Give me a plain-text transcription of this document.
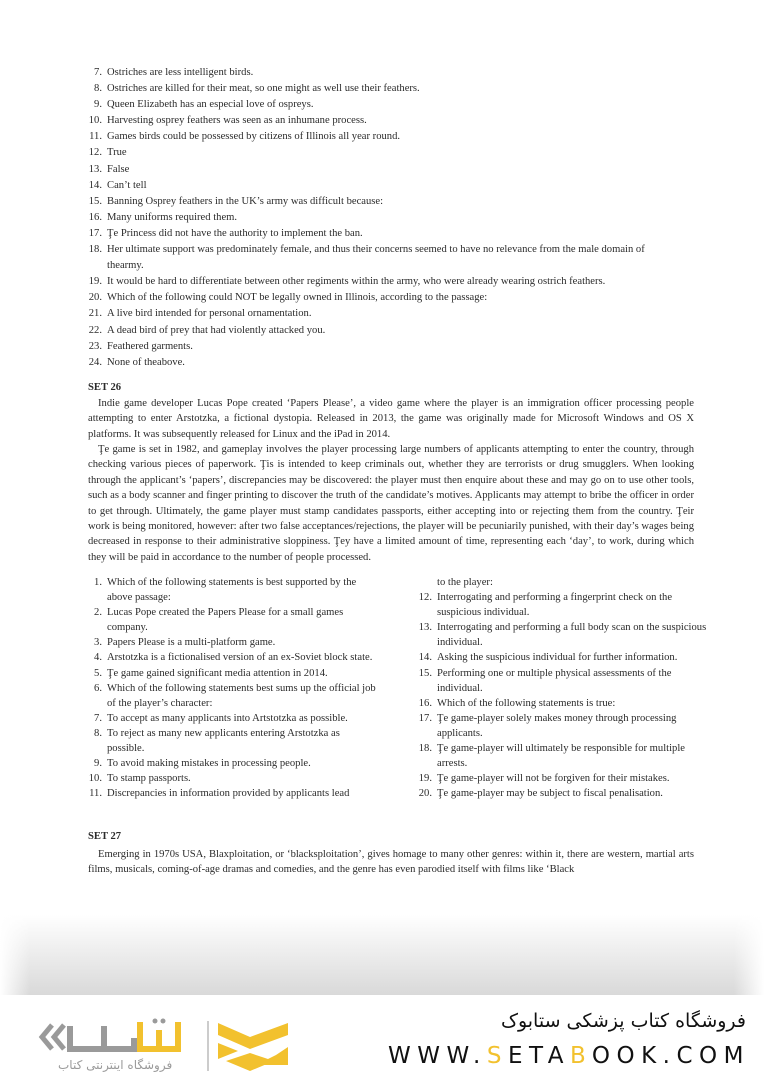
7. Ostriches are less intelligent birds.
8. Ostriches are killed for their meat, so one might as well use their feathers.
9. Queen Elizabeth has an especial love of ospreys.
10. Harvesting osprey feathers was seen as an inhumane process.
11. Games birds could be possessed by citizens of Illinois all year round.
12. True
13. False
14. Can’t tell
15. Banning Osprey feathers in the UK’s army was difficult because:
16. Many uniforms required them.
17. Ţe Princess did not have the authority to implement the ban.
18. Her ultimate support was predominately female, and thus their concerns seemed to have no relevance from the male domain of thearmy.
19. It would be hard to differentiate between other regiments within the army, who were already wearing ostrich feathers.
20. Which of the following could NOT be legally owned in Illinois, according to the passage:
21. A live bird intended for personal ornamentation.
22. A dead bird of prey that had violently attacked you.
23. Feathered garments.
24. None of theabove.
SET 26

Indie game developer Lucas Pope created ‘Papers Please’, a video game where the player is an immigration officer processing people attempting to enter Arstotzka, a fictional dystopia. Released in 2013, the game was originally made for Microsoft Windows and OS X platforms. It was subsequently released for Linux and the iPad in 2014.

Ţe game is set in 1982, and gameplay involves the player processing large numbers of applicants attempting to enter the country, through checking various pieces of paperwork. Ţis is intended to keep criminals out, whether they are terrorists or drug smugglers. When looking through the applicant’s ‘papers’, discrepancies may be discovered: the player must then enquire about these and may go on to use other tools, such as a body scanner and finger printing to discover the truth of the candidate’s motives. Applicants may attempt to bribe the officer in order to get through. Ultimately, the game player must stamp candidates passports, either accepting into or rejecting them from the country. Ţeir work is being monitored, however: after two false acceptances/rejections, the player will be pecuniarily punished, with their day’s wages being decreased in response to their administrative sloppiness. Ţey have a limited amount of time, representing each ‘day’, to work, during which they will be paid in accordance to the number of people processed.

1. Which of the following statements is best supported by the above passage:
2. Lucas Pope created the Papers Please for a small games company.
3. Papers Please is a multi-platform game.
4. Arstotzka is a fictionalised version of an ex-Soviet block state.
5. Ţe game gained significant media attention in 2014.
6. Which of the following statements best sums up the official job of the player’s character:
7. To accept as many applicants into Artstotzka as possible.
8. To reject as many new applicants entering Arstotzka as possible.
9. To avoid making mistakes in processing people.
10. To stamp passports.
11. Discrepancies in information provided by applicants lead
to the player:
12. Interrogating and performing a fingerprint check on the suspicious individual.
13. Interrogating and performing a full body scan on the suspicious individual.
14. Asking the suspicious individual for further information.
15. Performing one or multiple physical assessments of the individual.
16. Which of the following statements is true:
17. Ţe game-player solely makes money through processing applicants.
18. Ţe game-player will ultimately be responsible for multiple arrests.
19. Ţe game-player will not be forgiven for their mistakes.
20. Ţe game-player may be subject to fiscal penalisation.
SET 27

Emerging in 1970s USA, Blaxploitation, or ‘blacksploitation’, gives homage to many other genres: within it, there are western, martial arts films, musicals, coming-of-age dramas and comedies, and the genre has even parodied itself with films like ‘Black

فروشگاه اینترنتی کتاب
فروشگاه کتاب پزشکی ستابوک
WWW.SETABOOK.COM
